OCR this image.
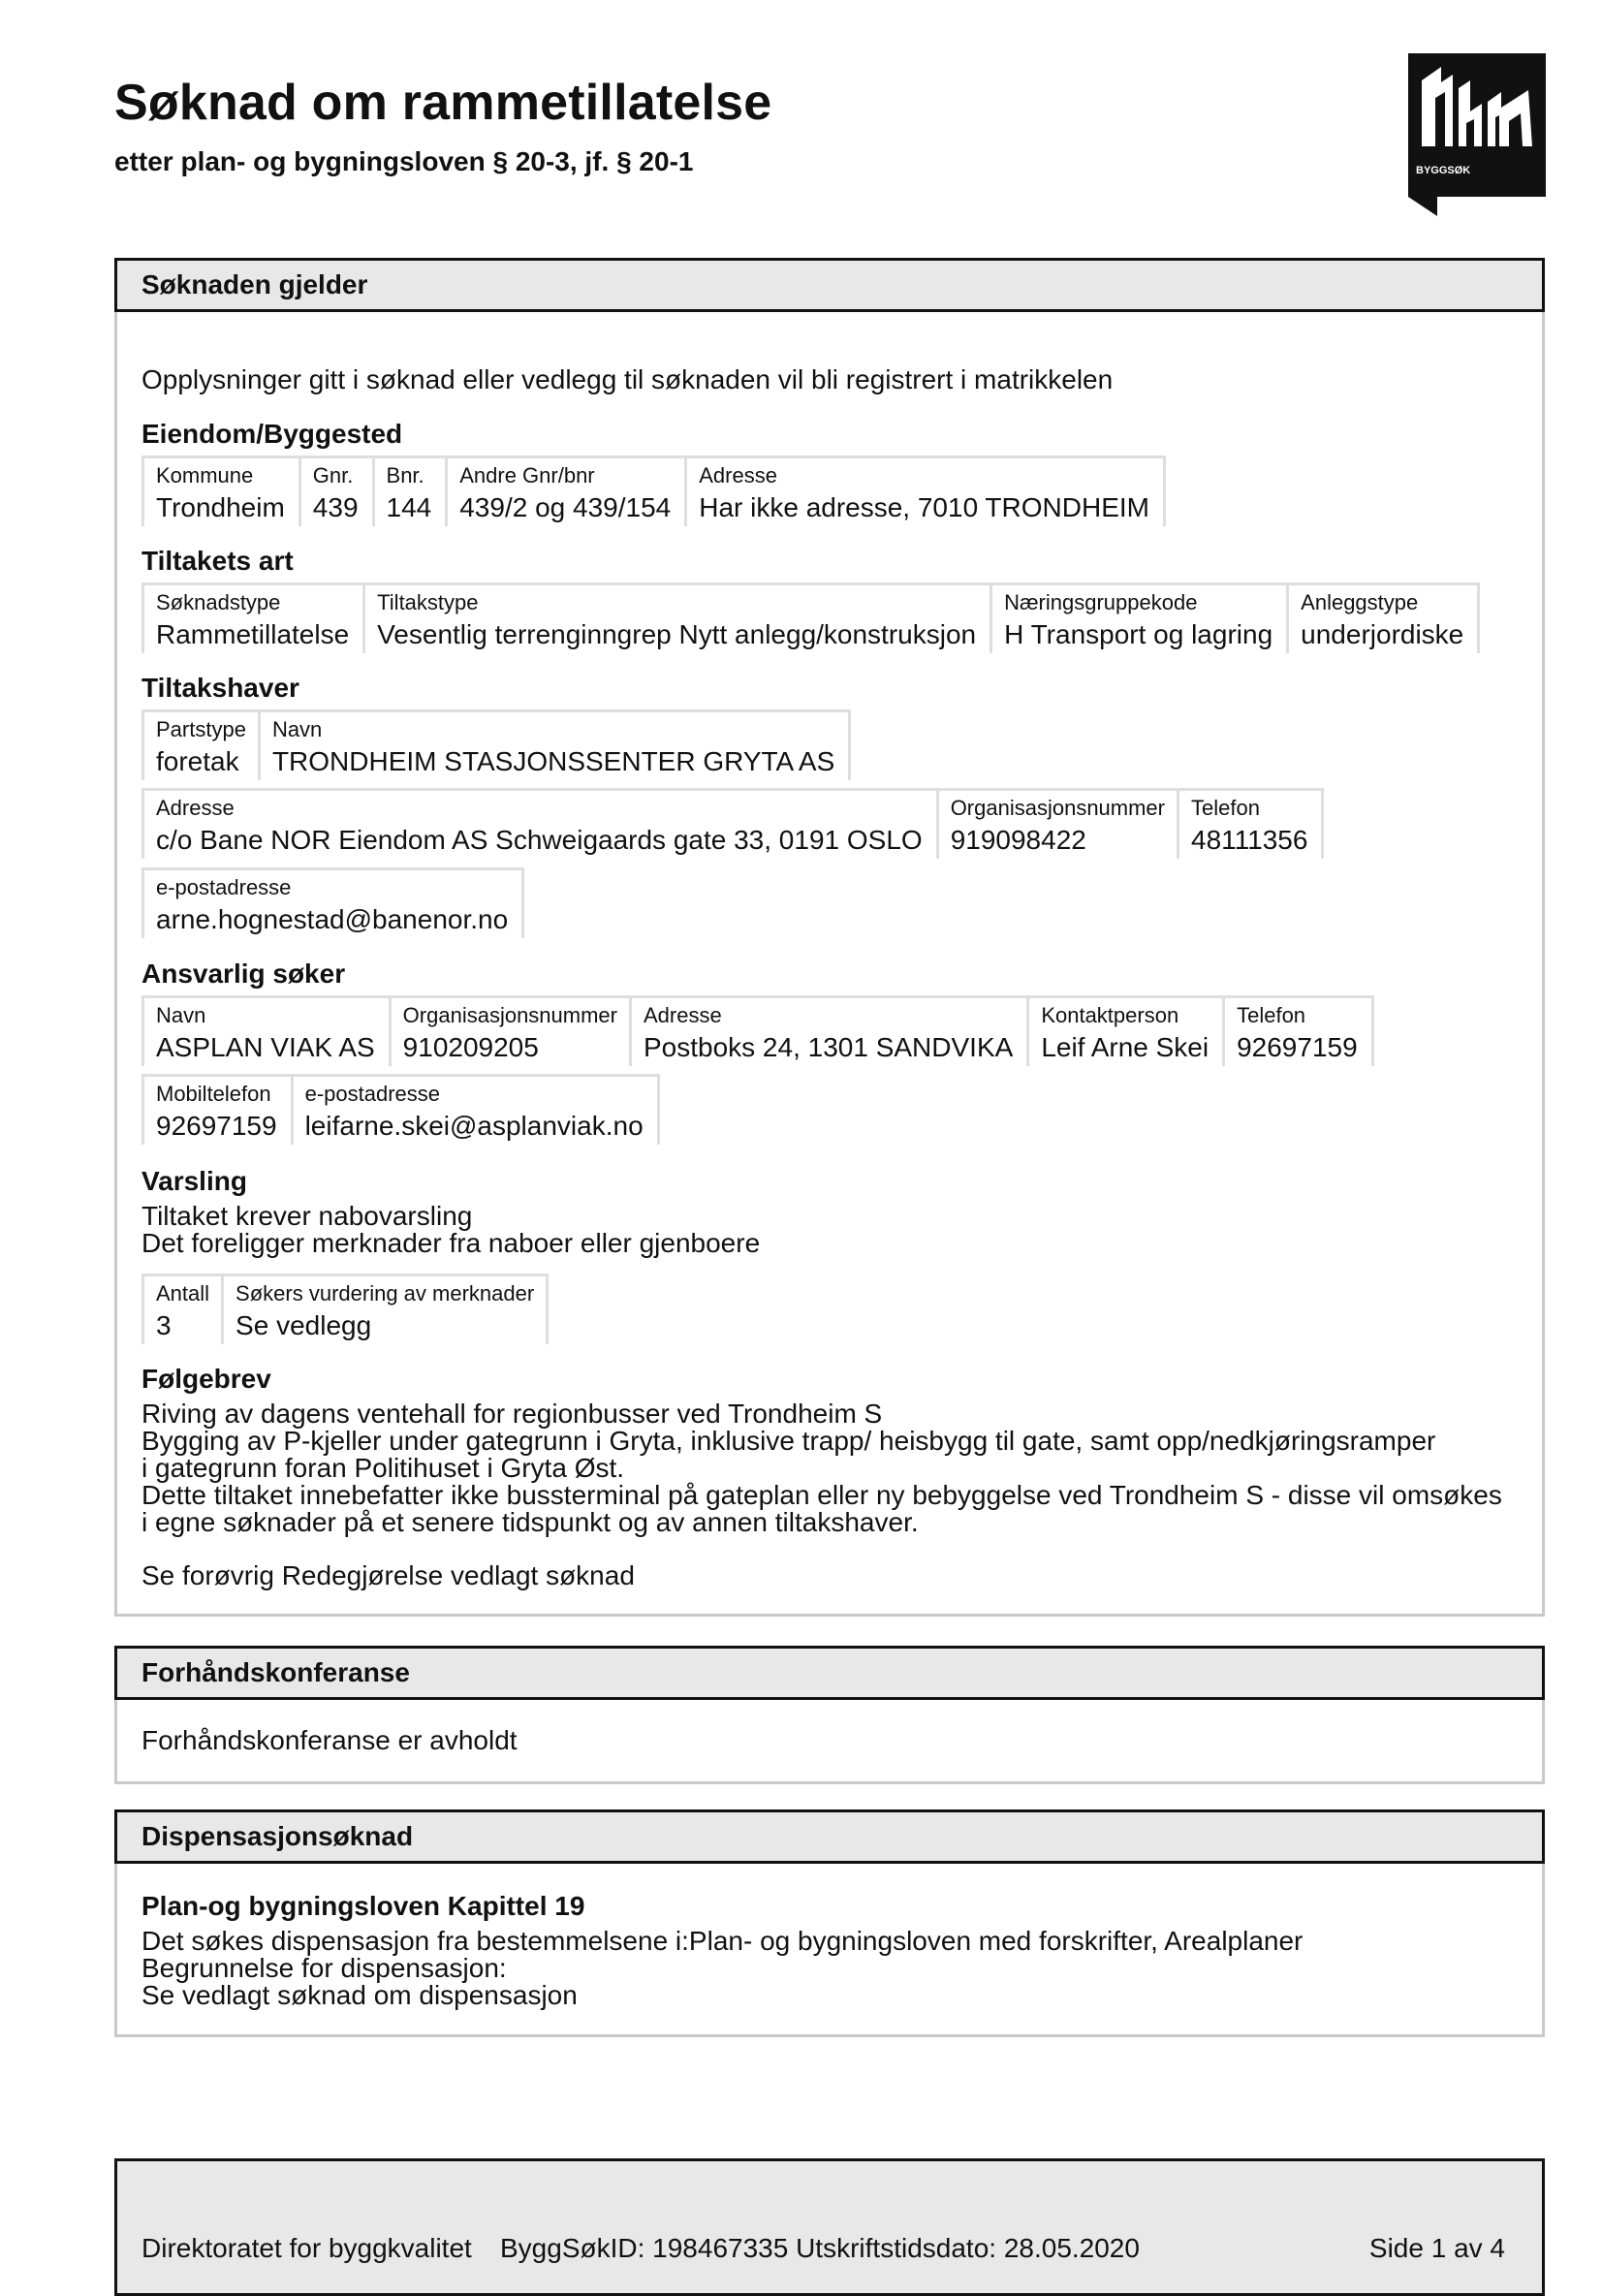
Søknad om rammetillatelse
etter plan- og bygningsloven § 20-3, jf. § 20-1	BYGGSØK
Søknaden gjelder
Opplysninger gitt i søknad eller vedlegg til søknaden vil bli registrert i matrikkelen
Eiendom/Byggested
Kommune
Trondheim
Gnr.
439
Bnr.
144
Andre Gnr/bnr
439/2 og 439/154
Adresse
Har ikke adresse, 7010 TRONDHEIM
Tiltakets art
Søknadstype
Rammetillatelse
Tiltakstype
Vesentlig terrenginngrep Nytt anlegg/konstruksjon
Næringsgruppekode
H Transport og lagring
Anleggstype
underjordiske
Tiltakshaver
Partstype
foretak
Navn
TRONDHEIM STASJONSSENTER GRYTA AS
Adresse
c/o Bane NOR Eiendom AS Schweigaards gate 33, 0191 OSLO
Organisasjonsnummer
919098422
Telefon
48111356
e-postadresse
arne.hognestad@banenor.no
Ansvarlig søker
Navn
ASPLAN VIAK AS
Organisasjonsnummer
910209205
Adresse
Postboks 24, 1301 SANDVIKA
Kontaktperson
Leif Arne Skei
Telefon
92697159
Mobiltelefon
92697159
e-postadresse
leifarne.skei@asplanviak.no
Varsling
Tiltaket krever nabovarsling
Det foreligger merknader fra naboer eller gjenboere
Antall
3
Søkers vurdering av merknader
Se vedlegg
Følgebrev
Riving av dagens ventehall for regionbusser ved Trondheim S
Bygging av P-kjeller under gategrunn i Gryta, inklusive trapp/ heisbygg til gate, samt opp/nedkjøringsramper
i gategrunn foran Politihuset i Gryta Øst.
Dette tiltaket innebefatter ikke bussterminal på gateplan eller ny bebyggelse ved Trondheim S - disse vil omsøkes
i egne søknader på et senere tidspunkt og av annen tiltakshaver.
Se forøvrig Redegjørelse vedlagt søknad
Forhåndskonferanse
Forhåndskonferanse er avholdt
Dispensasjonsøknad
Plan-og bygningsloven Kapittel 19
Det søkes dispensasjon fra bestemmelsene i:Plan- og bygningsloven med forskrifter, Arealplaner
Begrunnelse for dispensasjon:
Se vedlagt søknad om dispensasjon
Direktoratet for byggkvalitet ByggSøkID: 198467335 Utskriftstidsdato: 28.05.2020	Side 1 av 4
